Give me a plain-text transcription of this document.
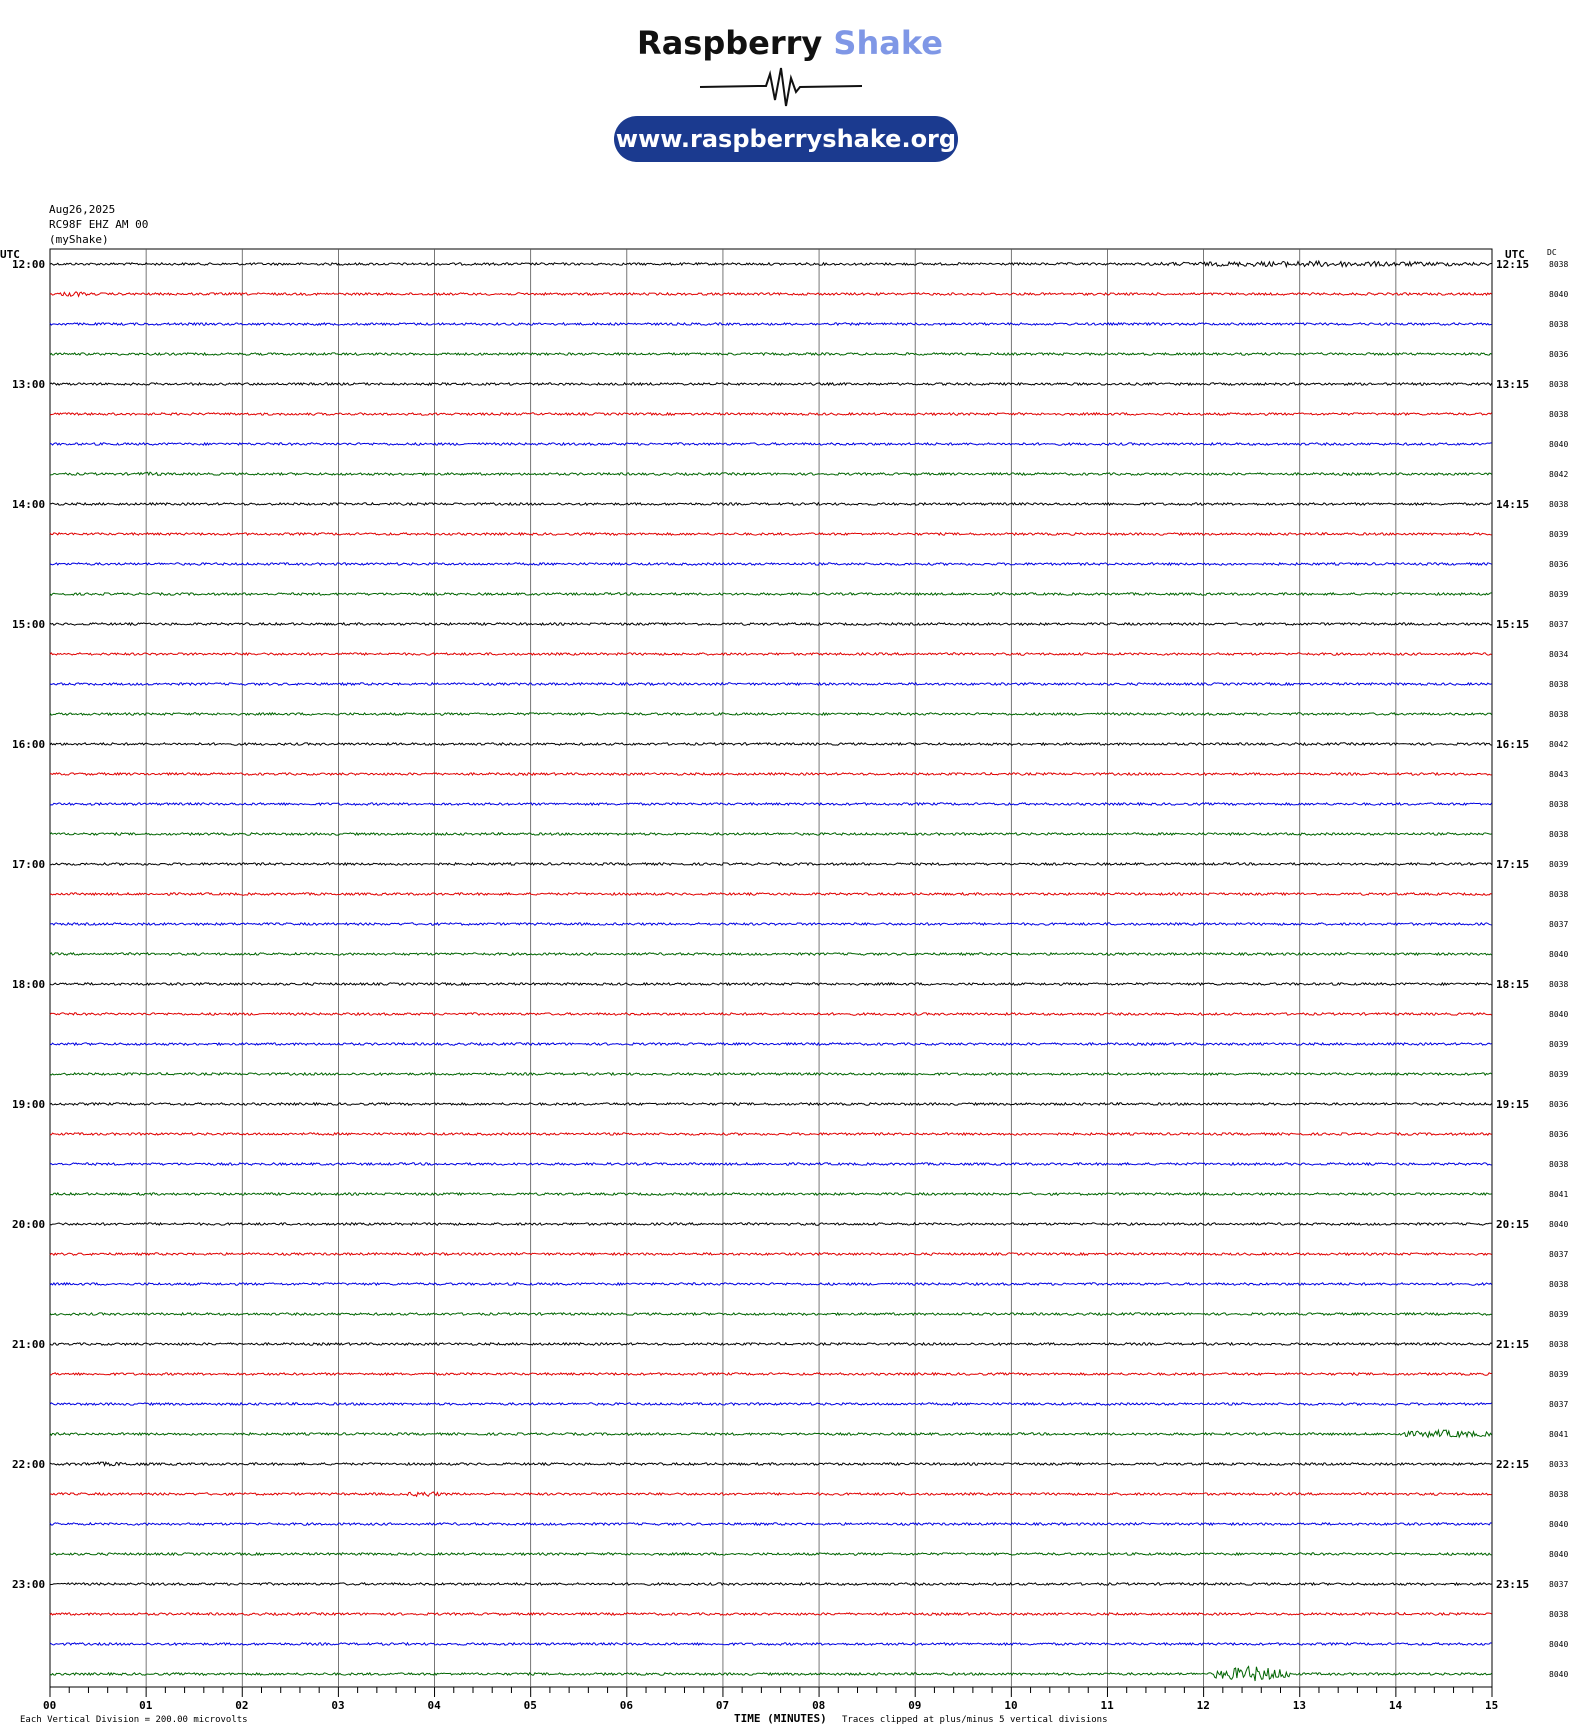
Raspberry Shake
www.raspberryshake.org
Aug26,2025
RC98F EHZ AM 00
(myShake)
UTC	UTC	DC
TIME (MINUTES)
Each Vertical Division = 200.00 microvolts	Traces clipped at plus/minus 5 vertical divisions
00	01	02	03	04	05	06	07	08	09	10	11	12	13	14	15
8038
12:00	12:15
8040
8038
8036
8038
13:00	13:15
8038
8040
8042
8038
14:00	14:15
8039
8036
8039
8037
15:00	15:15
8034
8038
8038
8042
16:00	16:15
8043
8038
8038
8039
17:00	17:15
8038
8037
8040
8038
18:00	18:15
8040
8039
8039
8036
19:00	19:15
8036
8038
8041
8040
20:00	20:15
8037
8038
8039
8038
21:00	21:15
8039
8037
8041
8033
22:00	22:15
8038
8040
8040
8037
23:00	23:15
8038
8040
8040
